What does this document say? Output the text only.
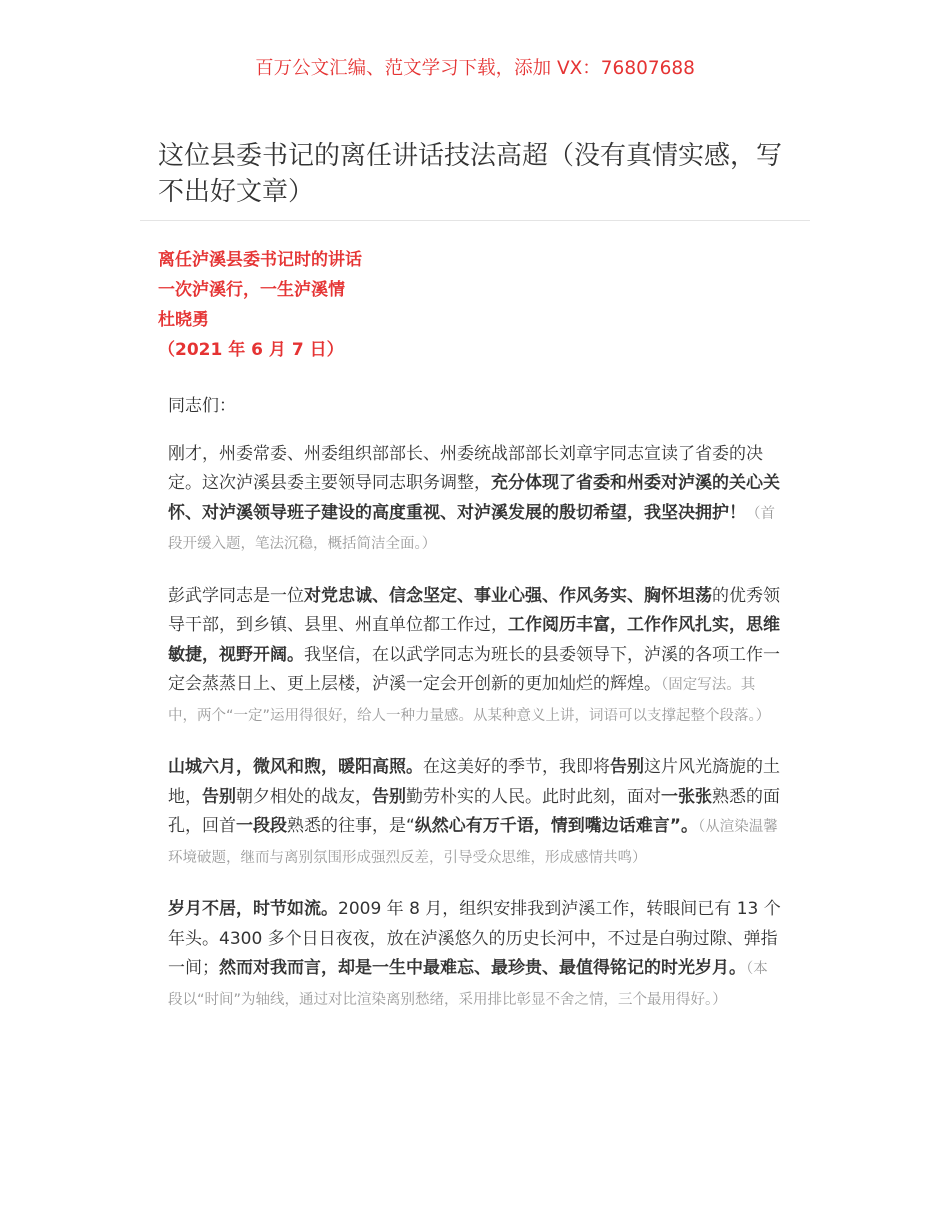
百万公文汇编、范文学习下载，添加 VX：76807688
这位县委书记的离任讲话技法高超（没有真情实感，写不出好文章）
离任泸溪县委书记时的讲话
一次泸溪行，一生泸溪情
杜晓勇
（2021 年 6 月 7 日）

同志们：

刚才，州委常委、州委组织部部长、州委统战部部长刘章宇同志宣读了省委的决定。这次泸溪县委主要领导同志职务调整，充分体现了省委和州委对泸溪的关心关怀、对泸溪领导班子建设的高度重视、对泸溪发展的殷切希望，我坚决拥护！（首段开缓入题，笔法沉稳，概括简洁全面。）

彭武学同志是一位对党忠诚、信念坚定、事业心强、作风务实、胸怀坦荡的优秀领导干部，到乡镇、县里、州直单位都工作过，工作阅历丰富，工作作风扎实，思维敏捷，视野开阔。我坚信，在以武学同志为班长的县委领导下，泸溪的各项工作一定会蒸蒸日上、更上层楼，泸溪一定会开创新的更加灿烂的辉煌。（固定写法。其中，两个“一定”运用得很好，给人一种力量感。从某种意义上讲，词语可以支撑起整个段落。）

山城六月，微风和煦，暖阳高照。在这美好的季节，我即将告别这片风光旖旎的土地，告别朝夕相处的战友，告别勤劳朴实的人民。此时此刻，面对一张张熟悉的面孔，回首一段段熟悉的往事，是“纵然心有万千语，情到嘴边话难言”。（从渲染温馨环境破题，继而与离别氛围形成强烈反差，引导受众思维，形成感情共鸣）

岁月不居，时节如流。2009 年 8 月，组织安排我到泸溪工作，转眼间已有 13 个年头。4300 多个日日夜夜，放在泸溪悠久的历史长河中，不过是白驹过隙、弹指一间；然而对我而言，却是一生中最难忘、最珍贵、最值得铭记的时光岁月。（本段以“时间”为轴线，通过对比渲染离别愁绪，采用排比彰显不舍之情，三个最用得好。）
